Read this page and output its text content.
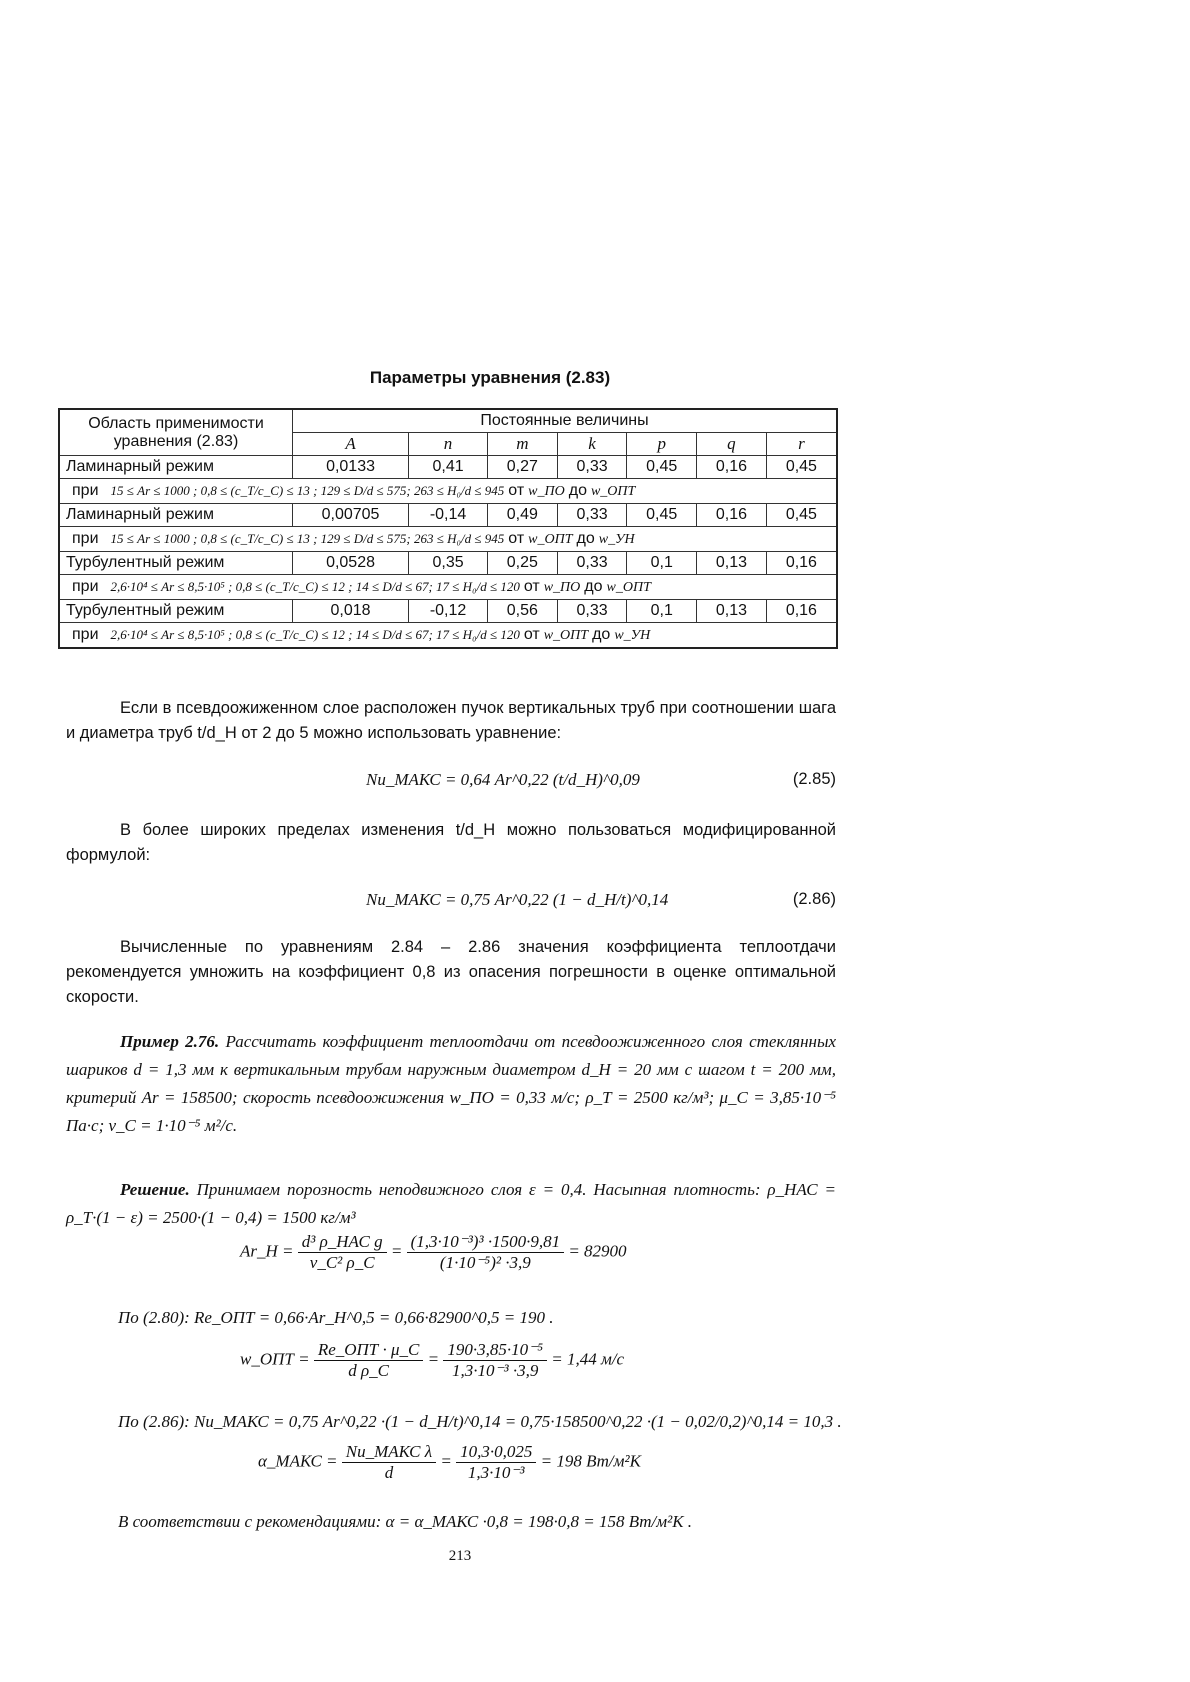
Параметры уравнения (2.83)
Область применимости
уравнения (2.83)	Постоянные величины						
	A	n	m	k	p	q	r
Ламинарный режим	0,0133	0,41	0,27	0,33	0,45	0,16	0,45
при 15 ≤ Ar ≤ 1000 ; 0,8 ≤ (c_T/c_C) ≤ 13 ; 129 ≤ D/d ≤ 575; 263 ≤ H₀/d ≤ 945 от w_ПО до w_ОПТ							
Ламинарный режим	0,00705	-0,14	0,49	0,33	0,45	0,16	0,45
при 15 ≤ Ar ≤ 1000 ; 0,8 ≤ (c_T/c_C) ≤ 13 ; 129 ≤ D/d ≤ 575; 263 ≤ H₀/d ≤ 945 от w_ОПТ до w_УН							
Турбулентный режим	0,0528	0,35	0,25	0,33	0,1	0,13	0,16
при 2,6·10⁴ ≤ Ar ≤ 8,5·10⁵ ; 0,8 ≤ (c_T/c_C) ≤ 12 ; 14 ≤ D/d ≤ 67; 17 ≤ H₀/d ≤ 120 от w_ПО до w_ОПТ							
Турбулентный режим	0,018	-0,12	0,56	0,33	0,1	0,13	0,16
при 2,6·10⁴ ≤ Ar ≤ 8,5·10⁵ ; 0,8 ≤ (c_T/c_C) ≤ 12 ; 14 ≤ D/d ≤ 67; 17 ≤ H₀/d ≤ 120 от w_ОПТ до w_УН							

Если в псевдоожиженном слое расположен пучок вертикальных труб при соотношении шага и диаметра труб t/d_Н от 2 до 5 можно использовать уравнение:

Nu_МАКС = 0,64 Ar^0,22 (t/d_Н)^0,09	(2.85)

В более широких пределах изменения t/d_Н можно пользоваться модифицированной формулой:

Nu_МАКС = 0,75 Ar^0,22 (1 − d_Н/t)^0,14	(2.86)

Вычисленные по уравнениям 2.84 – 2.86 значения коэффициента теплоотдачи рекомендуется умножить на коэффициент 0,8 из опасения погрешности в оценке оптимальной скорости.

Пример 2.76. Рассчитать коэффициент теплоотдачи от псевдоожиженного слоя стеклянных шариков d = 1,3 мм к вертикальным трубам наружным диаметром d_Н = 20 мм с шагом t = 200 мм, критерий Ar = 158500; скорость псевдоожижения w_ПО = 0,33 м/с; ρ_Т = 2500 кг/м³; μ_С = 3,85·10⁻⁵ Па·с; ν_С = 1·10⁻⁵ м²/с.

Решение. Принимаем порозность неподвижного слоя ε = 0,4. Насыпная плотность: ρ_НАС = ρ_Т·(1 − ε) = 2500·(1 − 0,4) = 1500 кг/м³

Ar_Н = $\frac{\text{d³ ρ\_НАС g}}{\text{ν\_С² ρ\_С}} = \frac{\text{(1,3·10⁻³)³ ·1500·9,81}}{\text{(1·10⁻⁵)² ·3,9}} = 82900$
По (2.80): Re_ОПТ = 0,66·Ar_Н^0,5 = 0,66·82900^0,5 = 190 .
w_ОПТ = $\frac{\text{Re\_ОПТ · μ\_С}}{\text{d ρ\_С}} = \frac{\text{190·3,85·10⁻⁵}}{\text{1,3·10⁻³ ·3,9}} = 1,44$ м/с
По (2.86): Nu_МАКС = 0,75 Ar^0,22 ·(1 − d_Н/t)^0,14 = 0,75·158500^0,22 ·(1 − 0,02/0,2)^0,14 = 10,3 .
α_МАКС = $\frac{\text{Nu\_МАКС λ}}{d} = \frac{10,3\cdot 0,025}{\text{1,3·10⁻³}} = 198$ Вт/м²К
В соответствии с рекомендациями: α = α_МАКС ·0,8 = 198·0,8 = 158 Вт/м²К .
213
